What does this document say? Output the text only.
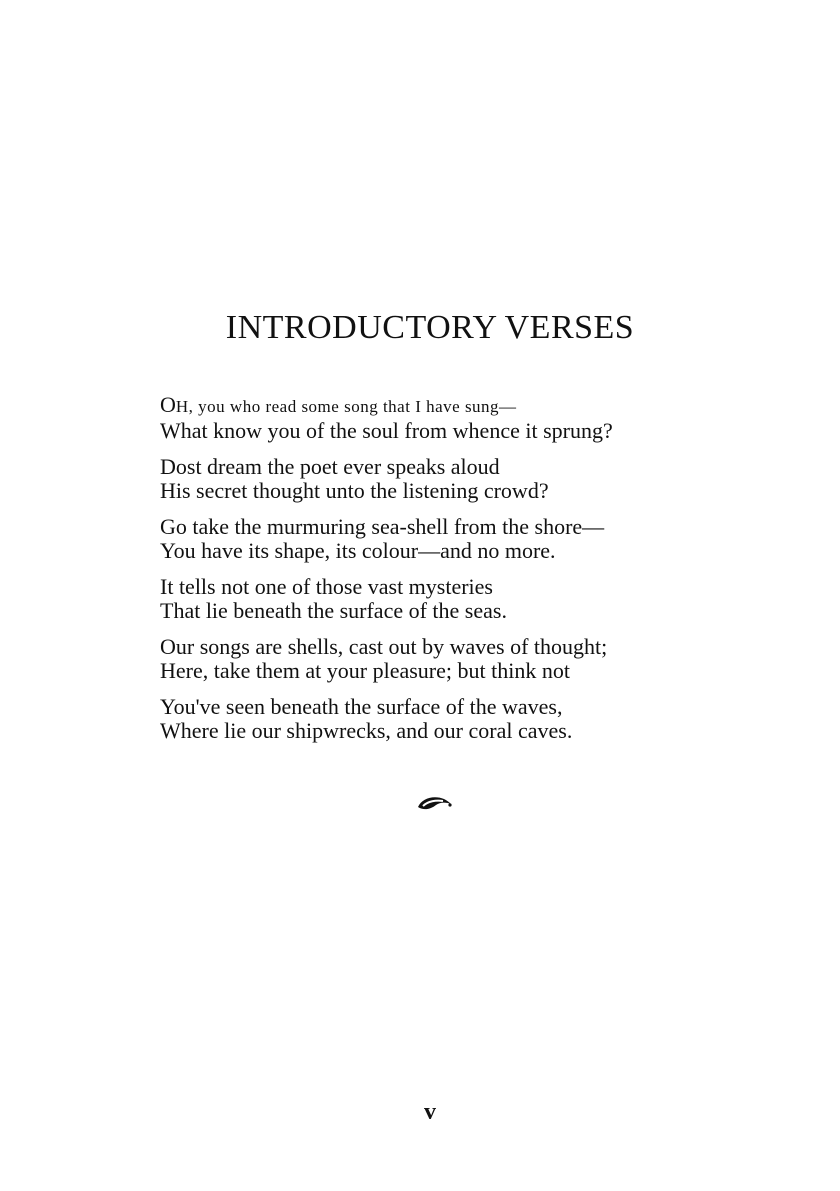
INTRODUCTORY VERSES
OH, you who read some song that I have sung—
What know you of the soul from whence it sprung?
Dost dream the poet ever speaks aloud
His secret thought unto the listening crowd?
Go take the murmuring sea-shell from the shore—
You have its shape, its colour—and no more.
It tells not one of those vast mysteries
That lie beneath the surface of the seas.
Our songs are shells, cast out by waves of thought;
Here, take them at your pleasure; but think not
You've seen beneath the surface of the waves,
Where lie our shipwrecks, and our coral caves.
v
